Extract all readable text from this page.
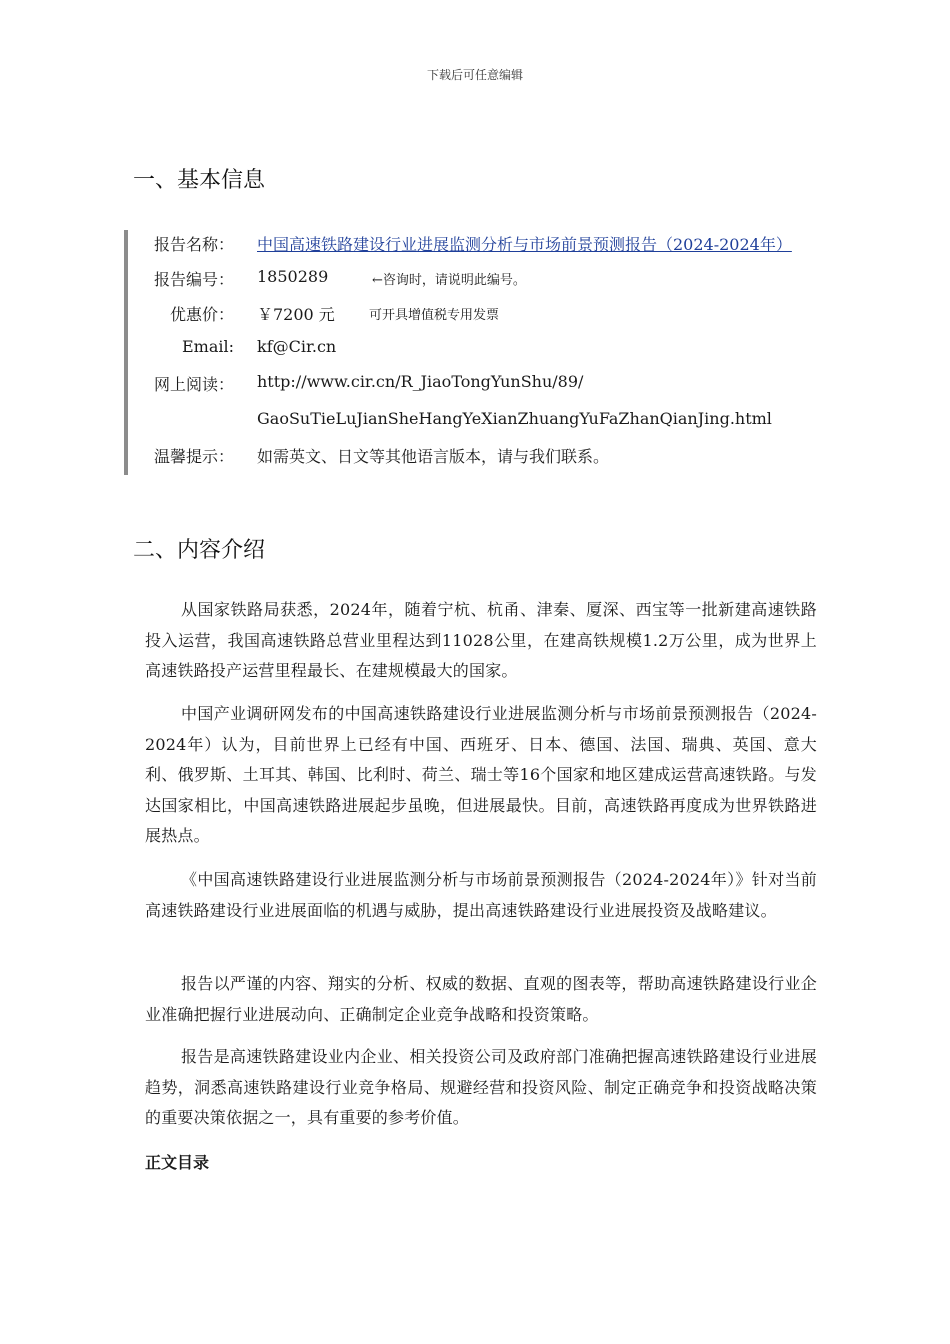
下载后可任意编辑
一、基本信息
报告名称： 中国高速铁路建设行业进展监测分析与市场前景预测报告（2024-2024年）
报告编号： 1850289	←咨询时，请说明此编号。
优惠价： ￥7200 元	可开具增值税专用发票
Email: kf@Cir.cn
网上阅读： http://www.cir.cn/R_JiaoTongYunShu/89/
GaoSuTieLuJianSheHangYeXianZhuangYuFaZhanQianJing.html
温馨提示： 如需英文、日文等其他语言版本，请与我们联系。
二、内容介绍

从国家铁路局获悉，2024年，随着宁杭、杭甬、津秦、厦深、西宝等一批新建高速铁路投入运营，我国高速铁路总营业里程达到11028公里，在建高铁规模1.2万公里，成为世界上高速铁路投产运营里程最长、在建规模最大的国家。

中国产业调研网发布的中国高速铁路建设行业进展监测分析与市场前景预测报告（2024-2024年）认为，目前世界上已经有中国、西班牙、日本、德国、法国、瑞典、英国、意大利、俄罗斯、土耳其、韩国、比利时、荷兰、瑞士等16个国家和地区建成运营高速铁路。与发达国家相比，中国高速铁路进展起步虽晚，但进展最快。目前，高速铁路再度成为世界铁路进展热点。

《中国高速铁路建设行业进展监测分析与市场前景预测报告（2024-2024年）》针对当前高速铁路建设行业进展面临的机遇与威胁，提出高速铁路建设行业进展投资及战略建议。

报告以严谨的内容、翔实的分析、权威的数据、直观的图表等，帮助高速铁路建设行业企业准确把握行业进展动向、正确制定企业竞争战略和投资策略。

报告是高速铁路建设业内企业、相关投资公司及政府部门准确把握高速铁路建设行业进展趋势，洞悉高速铁路建设行业竞争格局、规避经营和投资风险、制定正确竞争和投资战略决策的重要决策依据之一，具有重要的参考价值。

正文目录
